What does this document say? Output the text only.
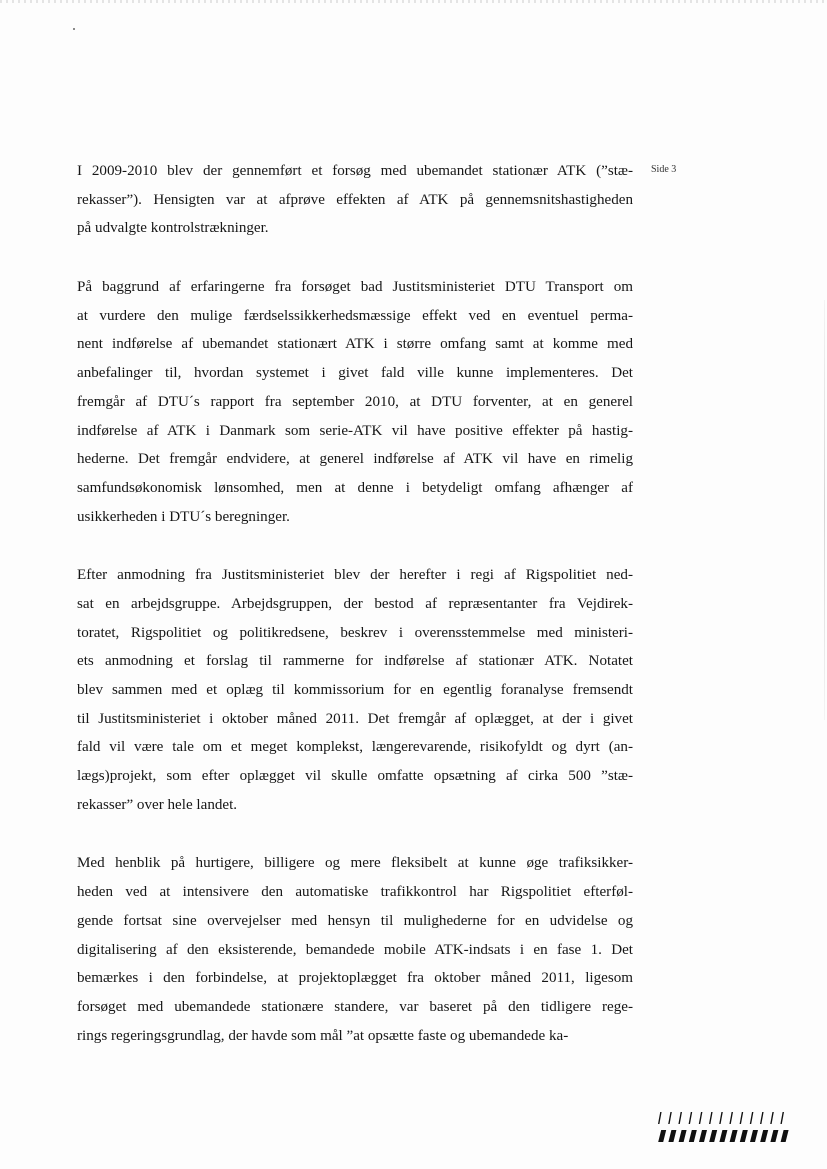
Side 3
I 2009-2010 blev der gennemført et forsøg med ubemandet stationær ATK (”stæ-
rekasser”). Hensigten var at afprøve effekten af ATK på gennemsnitshastigheden
på udvalgte kontrolstrækninger.
På baggrund af erfaringerne fra forsøget bad Justitsministeriet DTU Transport om
at vurdere den mulige færdselssikkerhedsmæssige effekt ved en eventuel perma-
nent indførelse af ubemandet stationært ATK i større omfang samt at komme med
anbefalinger til, hvordan systemet i givet fald ville kunne implementeres. Det
fremgår af DTU´s rapport fra september 2010, at DTU forventer, at en generel
indførelse af ATK i Danmark som serie-ATK vil have positive effekter på hastig-
hederne. Det fremgår endvidere, at generel indførelse af ATK vil have en rimelig
samfundsøkonomisk lønsomhed, men at denne i betydeligt omfang afhænger af
usikkerheden i DTU´s beregninger.
Efter anmodning fra Justitsministeriet blev der herefter i regi af Rigspolitiet ned-
sat en arbejdsgruppe. Arbejdsgruppen, der bestod af repræsentanter fra Vejdirek-
toratet, Rigspolitiet og politikredsene, beskrev i overensstemmelse med ministeri-
ets anmodning et forslag til rammerne for indførelse af stationær ATK. Notatet
blev sammen med et oplæg til kommissorium for en egentlig foranalyse fremsendt
til Justitsministeriet i oktober måned 2011. Det fremgår af oplægget, at der i givet
fald vil være tale om et meget komplekst, længerevarende, risikofyldt og dyrt (an-
lægs)projekt, som efter oplægget vil skulle omfatte opsætning af cirka 500 ”stæ-
rekasser” over hele landet.
Med henblik på hurtigere, billigere og mere fleksibelt at kunne øge trafiksikker-
heden ved at intensivere den automatiske trafikkontrol har Rigspolitiet efterføl-
gende fortsat sine overvejelser med hensyn til mulighederne for en udvidelse og
digitalisering af den eksisterende, bemandede mobile ATK-indsats i en fase 1. Det
bemærkes i den forbindelse, at projektoplægget fra oktober måned 2011, ligesom
forsøget med ubemandede stationære standere, var baseret på den tidligere rege-
rings regeringsgrundlag, der havde som mål ”at opsætte faste og ubemandede ka-
